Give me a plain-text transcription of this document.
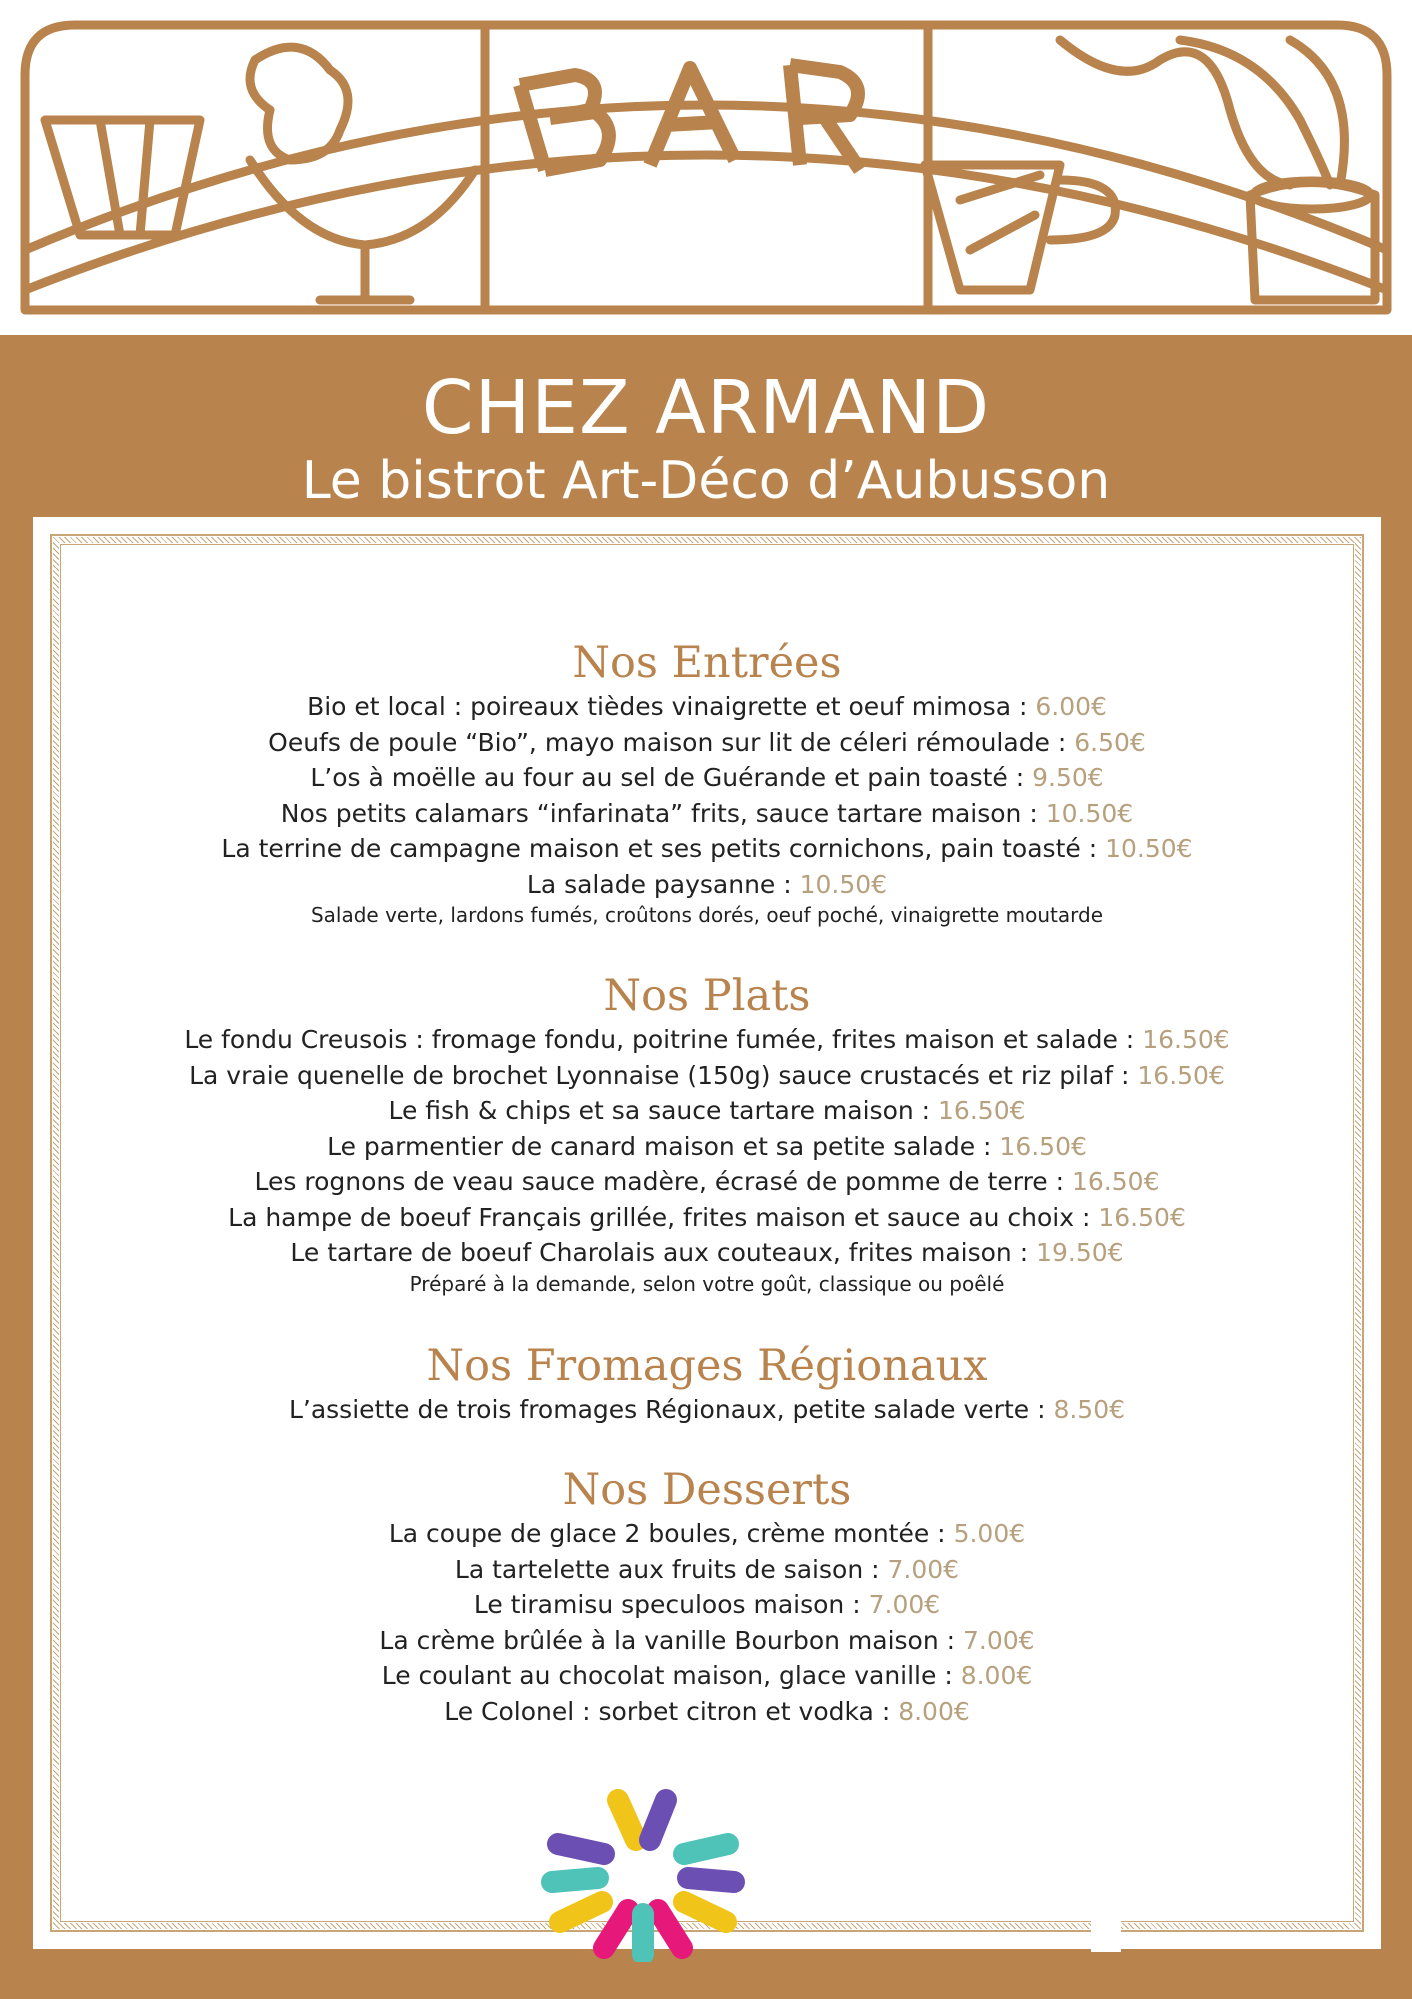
CHEZ ARMAND
Le bistrot Art-Déco d’Aubusson
Nos Entrées

Bio et local : poireaux tièdes vinaigrette et oeuf mimosa : 6.00€

Oeufs de poule “Bio”, mayo maison sur lit de céleri rémoulade : 6.50€

L’os à moëlle au four au sel de Guérande et pain toasté : 9.50€

Nos petits calamars “infarinata” frits, sauce tartare maison : 10.50€

La terrine de campagne maison et ses petits cornichons, pain toasté : 10.50€

La salade paysanne : 10.50€

Salade verte, lardons fumés, croûtons dorés, oeuf poché, vinaigrette moutarde

Nos Plats

Le fondu Creusois : fromage fondu, poitrine fumée, frites maison et salade : 16.50€

La vraie quenelle de brochet Lyonnaise (150g) sauce crustacés et riz pilaf : 16.50€

Le fish & chips et sa sauce tartare maison : 16.50€

Le parmentier de canard maison et sa petite salade : 16.50€

Les rognons de veau sauce madère, écrasé de pomme de terre : 16.50€

La hampe de boeuf Français grillée, frites maison et sauce au choix : 16.50€

Le tartare de boeuf Charolais aux couteaux, frites maison : 19.50€

Préparé à la demande, selon votre goût, classique ou poêlé

Nos Fromages Régionaux

L’assiette de trois fromages Régionaux, petite salade verte : 8.50€

Nos Desserts

La coupe de glace 2 boules, crème montée : 5.00€

La tartelette aux fruits de saison : 7.00€

Le tiramisu speculoos maison : 7.00€

La crème brûlée à la vanille Bourbon maison : 7.00€

Le coulant au chocolat maison, glace vanille : 8.00€

Le Colonel : sorbet citron et vodka : 8.00€
